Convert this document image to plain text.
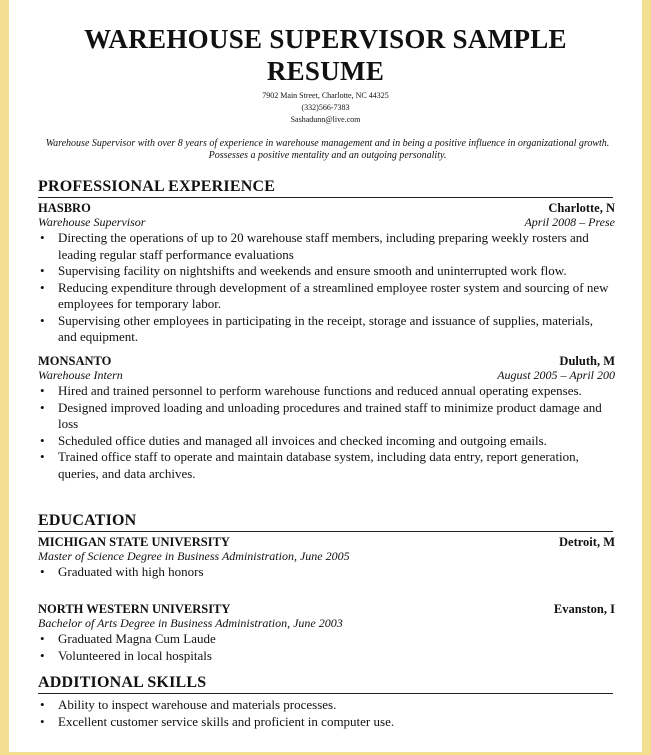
WAREHOUSE SUPERVISOR SAMPLE
RESUME
7902 Main Street, Charlotte, NC 44325
(332)566-7383
Sashadunn@live.com
Warehouse Supervisor with over 8 years of experience in warehouse management and in being a positive influence in organizational growth. Possesses a positive mentality and an outgoing personality.
PROFESSIONAL EXPERIENCE
HASBRO	Charlotte, N
Warehouse Supervisor	April 2008 – Prese
• Directing the operations of up to 20 warehouse staff members, including preparing weekly rosters and leading regular staff performance evaluations
• Supervising facility on nightshifts and weekends and ensure smooth and uninterrupted work flow.
• Reducing expenditure through development of a streamlined employee roster system and sourcing of new employees for temporary labor.
• Supervising other employees in participating in the receipt, storage and issuance of supplies, materials, and equipment.
MONSANTO	Duluth, M
Warehouse Intern	August 2005 – April 200
• Hired and trained personnel to perform warehouse functions and reduced annual operating expenses.
• Designed improved loading and unloading procedures and trained staff to minimize product damage and loss
• Scheduled office duties and managed all invoices and checked incoming and outgoing emails.
• Trained office staff to operate and maintain database system, including data entry, report generation, queries, and data archives.
EDUCATION
MICHIGAN STATE UNIVERSITY	Detroit, M
Master of Science Degree in Business Administration, June 2005
• Graduated with high honors
NORTH WESTERN UNIVERSITY	Evanston, I
Bachelor of Arts Degree in Business Administration, June 2003
• Graduated Magna Cum Laude
• Volunteered in local hospitals
ADDITIONAL SKILLS
• Ability to inspect warehouse and materials processes.
• Excellent customer service skills and proficient in computer use.
